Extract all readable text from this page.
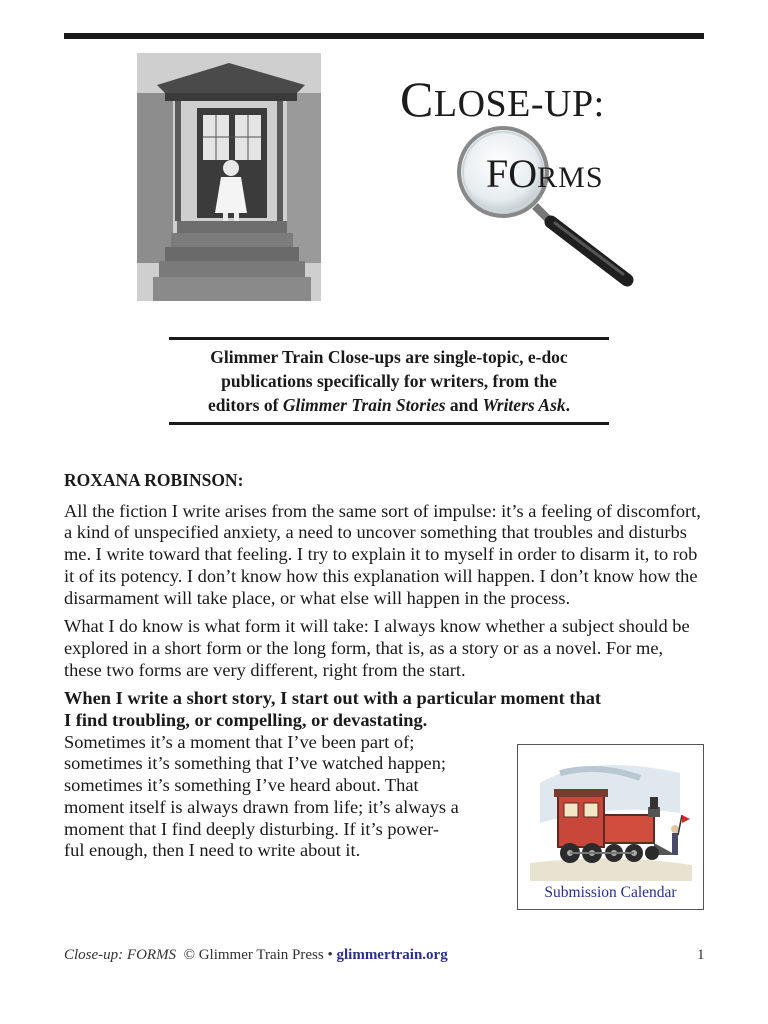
CLOSE-UP:
FORMS

Glimmer Train Close-ups are single-topic, e-doc
publications specifically for writers, from the
editors of Glimmer Train Stories and Writers Ask.

ROXANA ROBINSON:

All the fiction I write arises from the same sort of impulse: it’s a feeling of discomfort, a kind of unspecified anxiety, a need to uncover something that troubles and disturbs me. I write toward that feeling. I try to explain it to myself in order to disarm it, to rob it of its potency. I don’t know how this explanation will happen. I don’t know how the disarmament will take place, or what else will happen in the process.

What I do know is what form it will take: I always know whether a subject should be explored in a short form or the long form, that is, as a story or as a novel. For me, these two forms are very different, right from the start.

When I write a short story, I start out with a particular moment that
I find troubling, or compelling, or devastating.
Sometimes it’s a moment that I’ve been part of;
sometimes it’s something that I’ve watched happen;
sometimes it’s something I’ve heard about. That
moment itself is always drawn from life; it’s always a
moment that I find deeply disturbing. If it’s power-
ful enough, then I need to write about it.

Submission Calendar
Close-up: FORMS © Glimmer Train Press • glimmertrain.org	1
